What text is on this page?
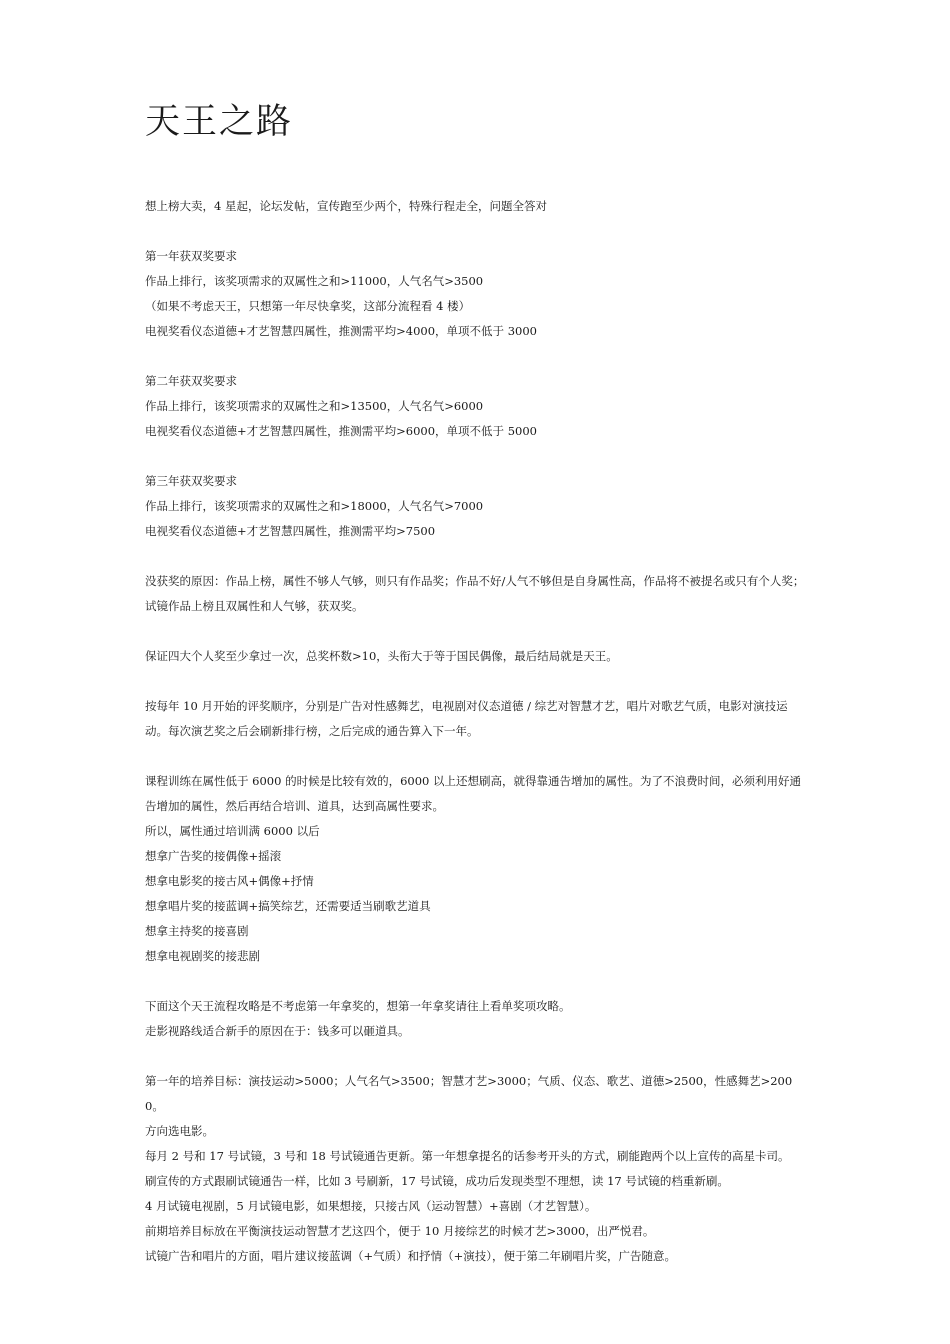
天王之路

想上榜大卖，4 星起，论坛发帖，宣传跑至少两个，特殊行程走全，问题全答对

第一年获双奖要求

作品上排行，该奖项需求的双属性之和>11000，人气名气>3500

（如果不考虑天王，只想第一年尽快拿奖，这部分流程看 4 楼）

电视奖看仪态道德+才艺智慧四属性，推测需平均>4000，单项不低于 3000

第二年获双奖要求

作品上排行，该奖项需求的双属性之和>13500，人气名气>6000

电视奖看仪态道德+才艺智慧四属性，推测需平均>6000，单项不低于 5000

第三年获双奖要求

作品上排行，该奖项需求的双属性之和>18000，人气名气>7000

电视奖看仪态道德+才艺智慧四属性，推测需平均>7500

没获奖的原因：作品上榜，属性不够人气够，则只有作品奖；作品不好/人气不够但是自身属性高，作品将不被提名或只有个人奖；试镜作品上榜且双属性和人气够，获双奖。

保证四大个人奖至少拿过一次，总奖杯数>10，头衔大于等于国民偶像，最后结局就是天王。

按每年 10 月开始的评奖顺序，分别是广告对性感舞艺，电视剧对仪态道德 / 综艺对智慧才艺，唱片对歌艺气质，电影对演技运动。每次演艺奖之后会刷新排行榜，之后完成的通告算入下一年。

课程训练在属性低于 6000 的时候是比较有效的，6000 以上还想刷高，就得靠通告增加的属性。为了不浪费时间，必须利用好通告增加的属性，然后再结合培训、道具，达到高属性要求。

所以，属性通过培训满 6000 以后

想拿广告奖的接偶像+摇滚

想拿电影奖的接古风+偶像+抒情

想拿唱片奖的接蓝调+搞笑综艺，还需要适当刷歌艺道具

想拿主持奖的接喜剧

想拿电视剧奖的接悲剧

下面这个天王流程攻略是不考虑第一年拿奖的，想第一年拿奖请往上看单奖项攻略。

走影视路线适合新手的原因在于：钱多可以砸道具。

第一年的培养目标：演技运动>5000；人气名气>3500；智慧才艺>3000；气质、仪态、歌艺、道德>2500，性感舞艺>2000。

方向选电影。

每月 2 号和 17 号试镜，3 号和 18 号试镜通告更新。第一年想拿提名的话参考开头的方式，刷能跑两个以上宣传的高星卡司。

刷宣传的方式跟刷试镜通告一样，比如 3 号刷新，17 号试镜，成功后发现类型不理想，读 17 号试镜的档重新刷。

4 月试镜电视剧，5 月试镜电影，如果想接，只接古风（运动智慧）+喜剧（才艺智慧）。

前期培养目标放在平衡演技运动智慧才艺这四个，便于 10 月接综艺的时候才艺>3000，出严悦君。

试镜广告和唱片的方面，唱片建议接蓝调（+气质）和抒情（+演技），便于第二年刷唱片奖，广告随意。
